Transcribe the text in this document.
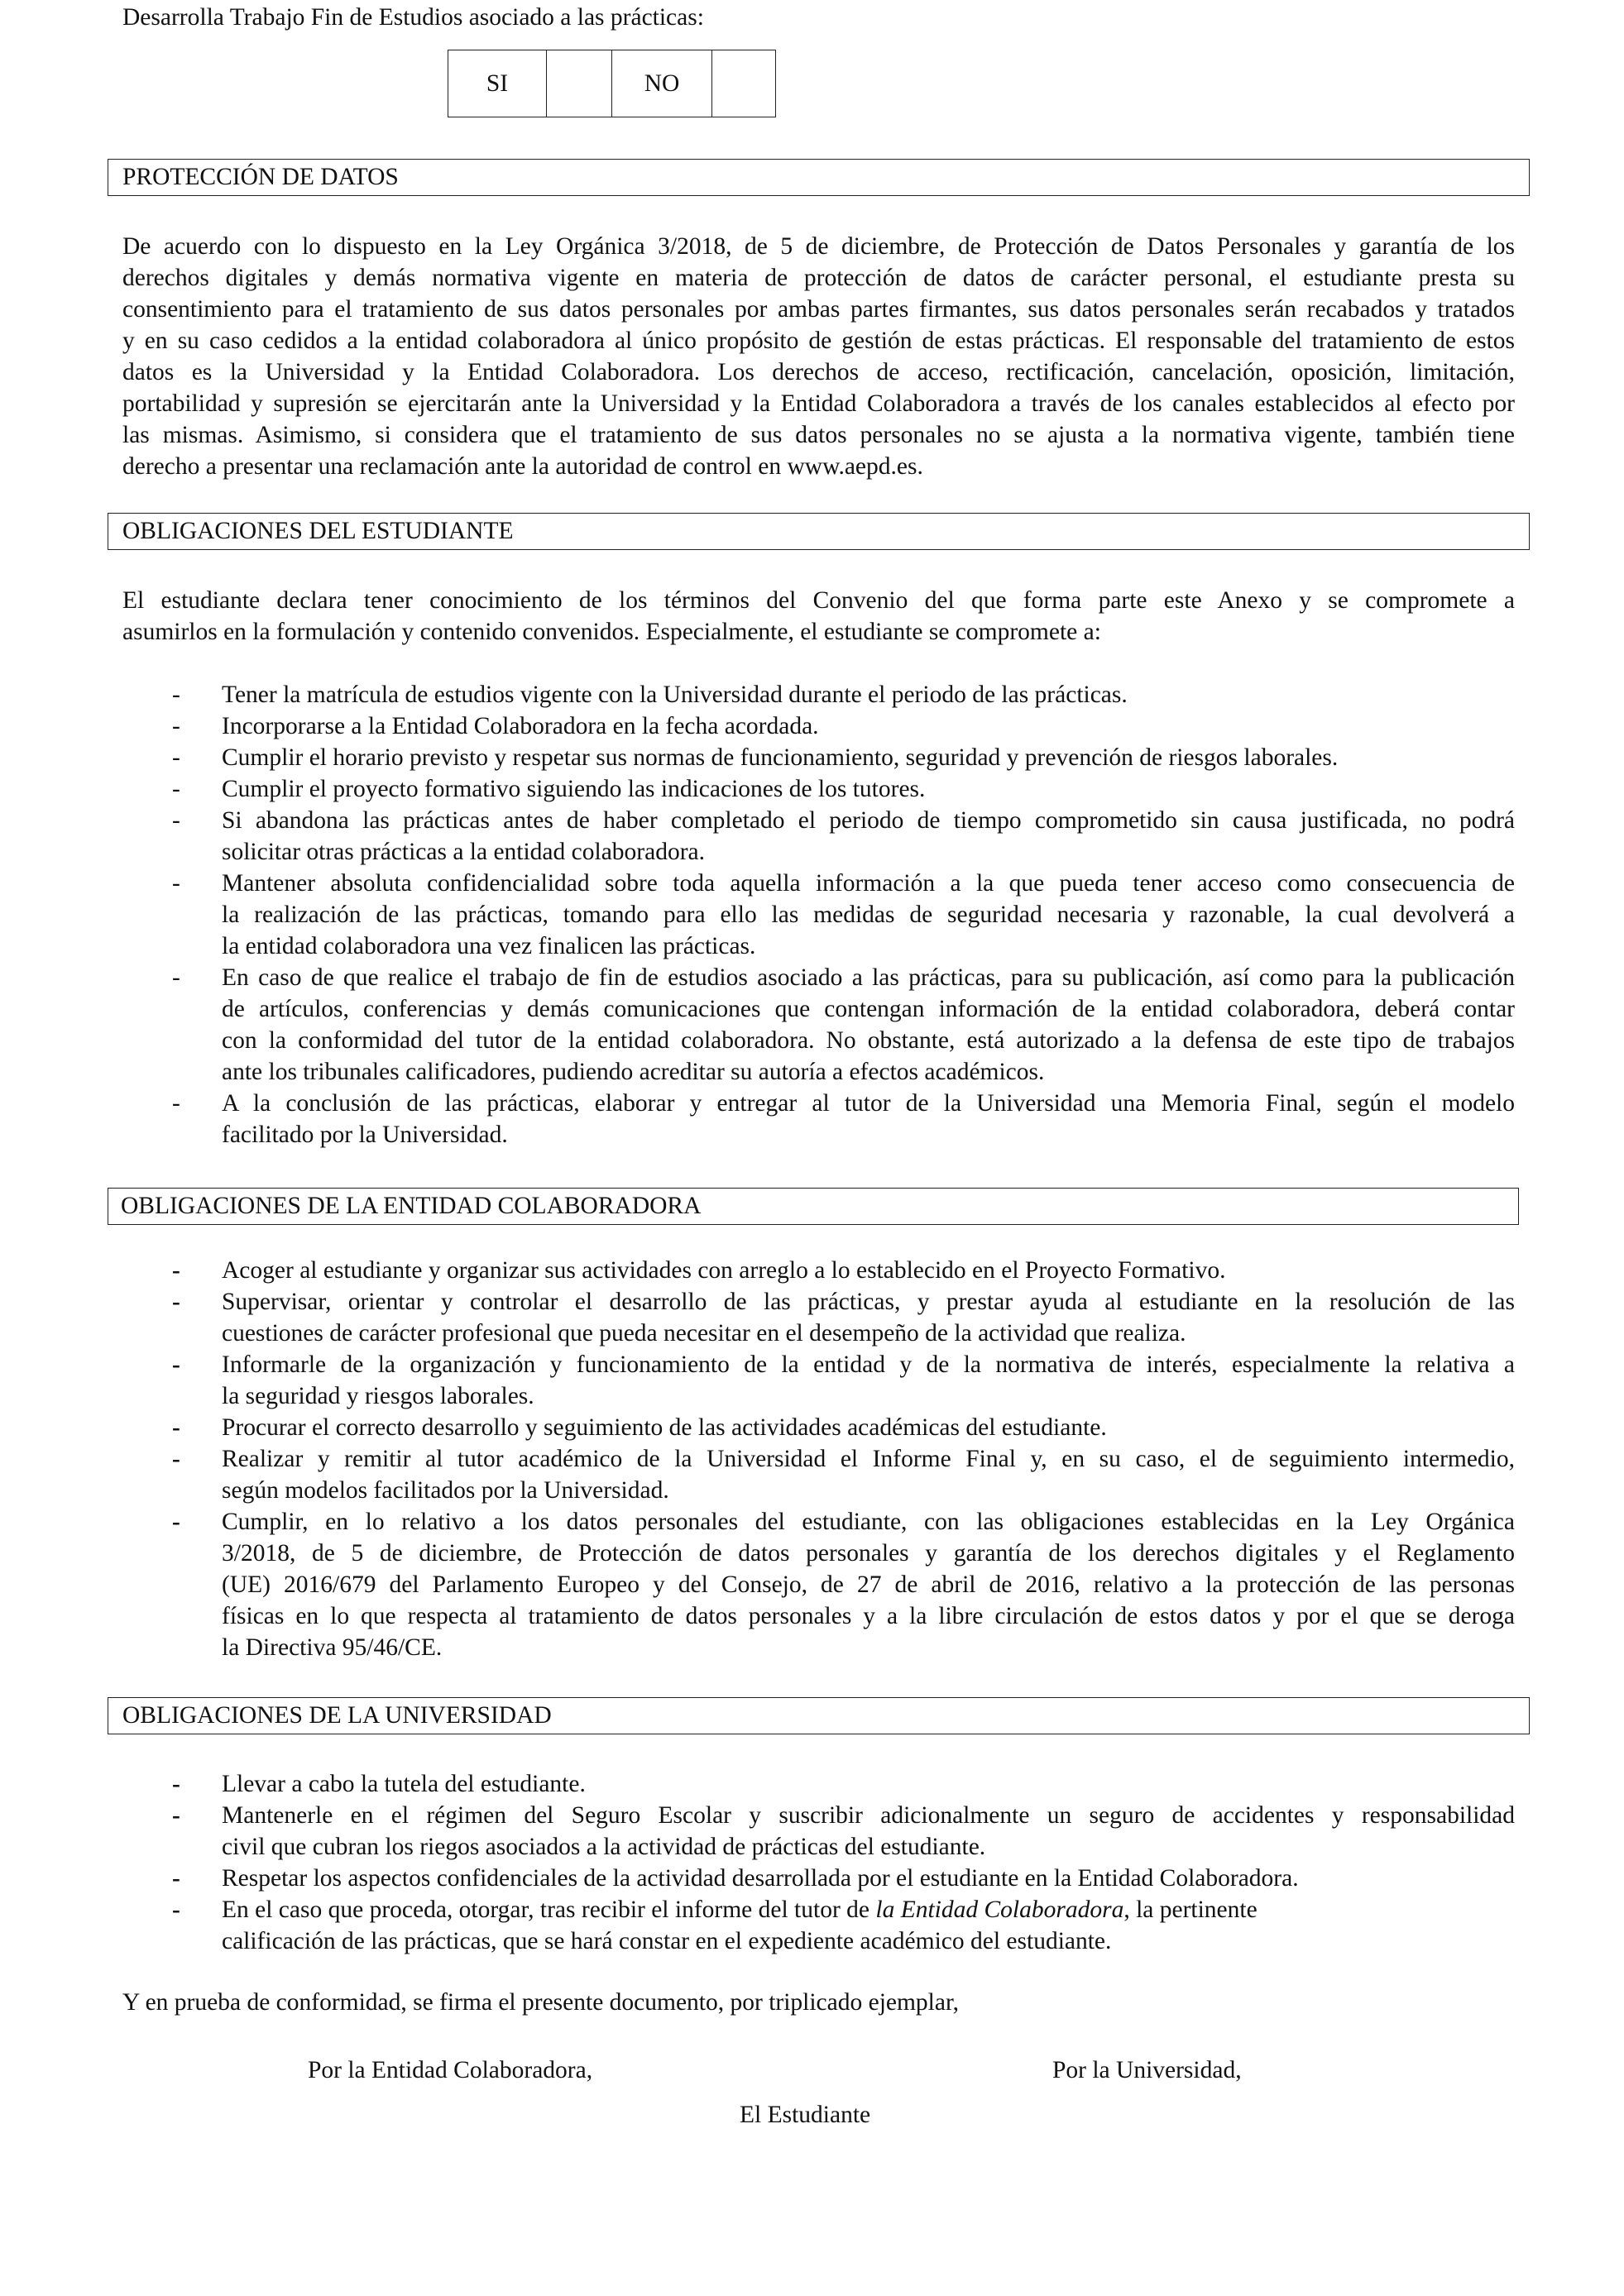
Desarrolla Trabajo Fin de Estudios asociado a las prácticas:
SI		NO	
PROTECCIÓN DE DATOS
De acuerdo con lo dispuesto en la Ley Orgánica 3/2018, de 5 de diciembre, de Protección de Datos Personales y garantía de los
derechos digitales y demás normativa vigente en materia de protección de datos de carácter personal, el estudiante presta su
consentimiento para el tratamiento de sus datos personales por ambas partes firmantes, sus datos personales serán recabados y tratados
y en su caso cedidos a la entidad colaboradora al único propósito de gestión de estas prácticas. El responsable del tratamiento de estos
datos es la Universidad y la Entidad Colaboradora. Los derechos de acceso, rectificación, cancelación, oposición, limitación,
portabilidad y supresión se ejercitarán ante la Universidad y la Entidad Colaboradora a través de los canales establecidos al efecto por
las mismas. Asimismo, si considera que el tratamiento de sus datos personales no se ajusta a la normativa vigente, también tiene
derecho a presentar una reclamación ante la autoridad de control en www.aepd.es.
OBLIGACIONES DEL ESTUDIANTE
El estudiante declara tener conocimiento de los términos del Convenio del que forma parte este Anexo y se compromete a
asumirlos en la formulación y contenido convenidos. Especialmente, el estudiante se compromete a:
- Tener la matrícula de estudios vigente con la Universidad durante el periodo de las prácticas.
- Incorporarse a la Entidad Colaboradora en la fecha acordada.
- Cumplir el horario previsto y respetar sus normas de funcionamiento, seguridad y prevención de riesgos laborales.
- Cumplir el proyecto formativo siguiendo las indicaciones de los tutores.
- Si abandona las prácticas antes de haber completado el periodo de tiempo comprometido sin causa justificada, no podrá
solicitar otras prácticas a la entidad colaboradora.
- Mantener absoluta confidencialidad sobre toda aquella información a la que pueda tener acceso como consecuencia de
la realización de las prácticas, tomando para ello las medidas de seguridad necesaria y razonable, la cual devolverá a
la entidad colaboradora una vez finalicen las prácticas.
- En caso de que realice el trabajo de fin de estudios asociado a las prácticas, para su publicación, así como para la publicación
de artículos, conferencias y demás comunicaciones que contengan información de la entidad colaboradora, deberá contar
con la conformidad del tutor de la entidad colaboradora. No obstante, está autorizado a la defensa de este tipo de trabajos
ante los tribunales calificadores, pudiendo acreditar su autoría a efectos académicos.
- A la conclusión de las prácticas, elaborar y entregar al tutor de la Universidad una Memoria Final, según el modelo
facilitado por la Universidad.
OBLIGACIONES DE LA ENTIDAD COLABORADORA
- Acoger al estudiante y organizar sus actividades con arreglo a lo establecido en el Proyecto Formativo.
- Supervisar, orientar y controlar el desarrollo de las prácticas, y prestar ayuda al estudiante en la resolución de las
cuestiones de carácter profesional que pueda necesitar en el desempeño de la actividad que realiza.
- Informarle de la organización y funcionamiento de la entidad y de la normativa de interés, especialmente la relativa a
la seguridad y riesgos laborales.
- Procurar el correcto desarrollo y seguimiento de las actividades académicas del estudiante.
- Realizar y remitir al tutor académico de la Universidad el Informe Final y, en su caso, el de seguimiento intermedio,
según modelos facilitados por la Universidad.
- Cumplir, en lo relativo a los datos personales del estudiante, con las obligaciones establecidas en la Ley Orgánica
3/2018, de 5 de diciembre, de Protección de datos personales y garantía de los derechos digitales y el Reglamento
(UE) 2016/679 del Parlamento Europeo y del Consejo, de 27 de abril de 2016, relativo a la protección de las personas
físicas en lo que respecta al tratamiento de datos personales y a la libre circulación de estos datos y por el que se deroga
la Directiva 95/46/CE.
OBLIGACIONES DE LA UNIVERSIDAD
- Llevar a cabo la tutela del estudiante.
- Mantenerle en el régimen del Seguro Escolar y suscribir adicionalmente un seguro de accidentes y responsabilidad
civil que cubran los riegos asociados a la actividad de prácticas del estudiante.
- Respetar los aspectos confidenciales de la actividad desarrollada por el estudiante en la Entidad Colaboradora.
- En el caso que proceda, otorgar, tras recibir el informe del tutor de la Entidad Colaboradora, la pertinente
calificación de las prácticas, que se hará constar en el expediente académico del estudiante.
Y en prueba de conformidad, se firma el presente documento, por triplicado ejemplar,
Por la Entidad Colaboradora,	Por la Universidad,
El Estudiante
